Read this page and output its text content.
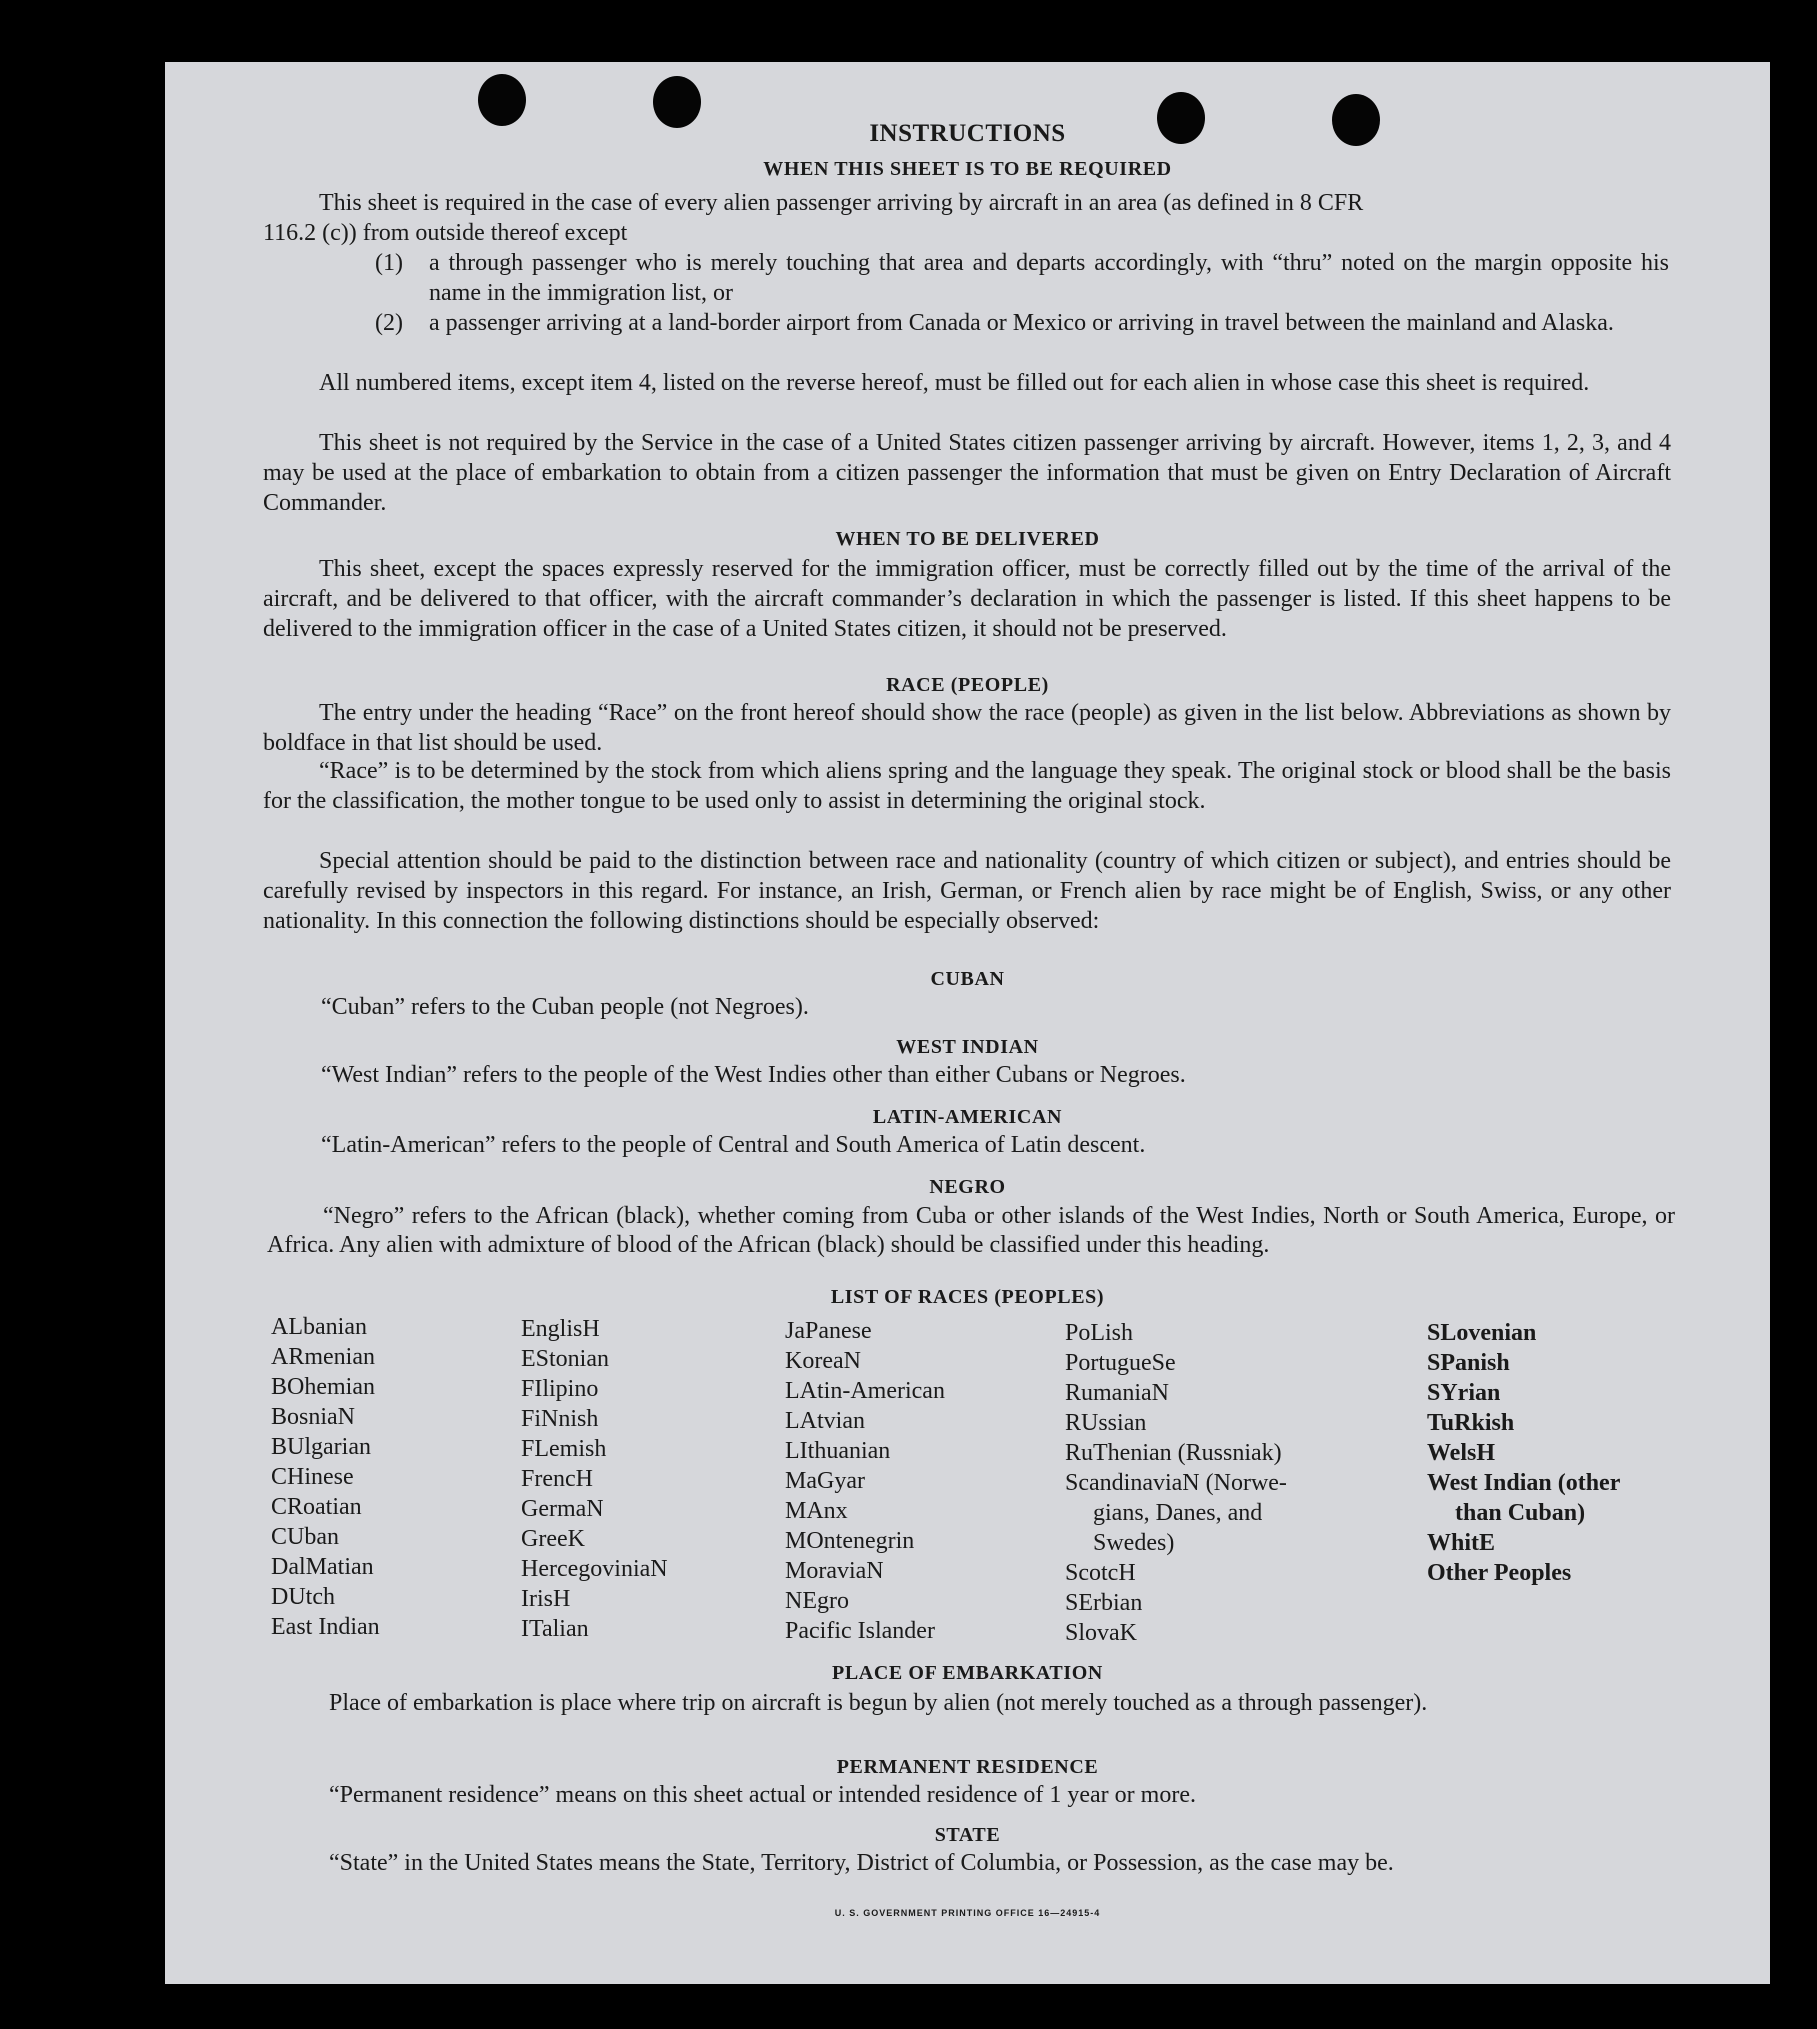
INSTRUCTIONS
WHEN THIS SHEET IS TO BE REQUIRED
This sheet is required in the case of every alien passenger arriving by aircraft in an area (as defined in 8 CFR
116.2 (c)) from outside thereof except
(1) a through passenger who is merely touching that area and departs accordingly, with “thru” noted on the margin opposite his name in the immigration list, or
(2) a passenger arriving at a land-border airport from Canada or Mexico or arriving in travel between the mainland and Alaska.
All numbered items, except item 4, listed on the reverse hereof, must be filled out for each alien in whose case this sheet is required.
This sheet is not required by the Service in the case of a United States citizen passenger arriving by aircraft. However, items 1, 2, 3, and 4 may be used at the place of embarkation to obtain from a citizen passenger the information that must be given on Entry Declaration of Aircraft Commander.
WHEN TO BE DELIVERED
This sheet, except the spaces expressly reserved for the immigration officer, must be correctly filled out by the time of the arrival of the aircraft, and be delivered to that officer, with the aircraft commander’s declaration in which the passenger is listed. If this sheet happens to be delivered to the immigration officer in the case of a United States citizen, it should not be preserved.
RACE (PEOPLE)
The entry under the heading “Race” on the front hereof should show the race (people) as given in the list below. Abbreviations as shown by boldface in that list should be used.
“Race” is to be determined by the stock from which aliens spring and the language they speak. The original stock or blood shall be the basis for the classification, the mother tongue to be used only to assist in determining the original stock.
Special attention should be paid to the distinction between race and nationality (country of which citizen or subject), and entries should be carefully revised by inspectors in this regard. For instance, an Irish, German, or French alien by race might be of English, Swiss, or any other nationality. In this connection the following distinctions should be especially observed:
CUBAN
“Cuban” refers to the Cuban people (not Negroes).
WEST INDIAN
“West Indian” refers to the people of the West Indies other than either Cubans or Negroes.
LATIN-AMERICAN
“Latin-American” refers to the people of Central and South America of Latin descent.
NEGRO
“Negro” refers to the African (black), whether coming from Cuba or other islands of the West Indies, North or South America, Europe, or Africa. Any alien with admixture of blood of the African (black) should be classified under this heading.
LIST OF RACES (PEOPLES)
ALbanian
ARmenian
BOhemian
BosniaN
BUlgarian
CHinese
CRoatian
CUban
DalMatian
DUtch
East Indian
EnglisH
EStonian
FIlipino
FiNnish
FLemish
FrencH
GermaN
GreeK
HercegoviniaN
IrisH
ITalian
JaPanese
KoreaN
LAtin-American
LAtvian
LIthuanian
MaGyar
MAnx
MOntenegrin
MoraviaN
NEgro
Pacific Islander
PoLish
PortugueSe
RumaniaN
RUssian
RuThenian (Russniak)
ScandinaviaN (Norwe-
gians, Danes, and
Swedes)
ScotcH
SErbian
SlovaK
SLovenian
SPanish
SYrian
TuRkish
WelsH
West Indian (other
than Cuban)
WhitE
Other Peoples
PLACE OF EMBARKATION
Place of embarkation is place where trip on aircraft is begun by alien (not merely touched as a through passenger).
PERMANENT RESIDENCE
“Permanent residence” means on this sheet actual or intended residence of 1 year or more.
STATE
“State” in the United States means the State, Territory, District of Columbia, or Possession, as the case may be.
U. S. GOVERNMENT PRINTING OFFICE 16—24915-4
